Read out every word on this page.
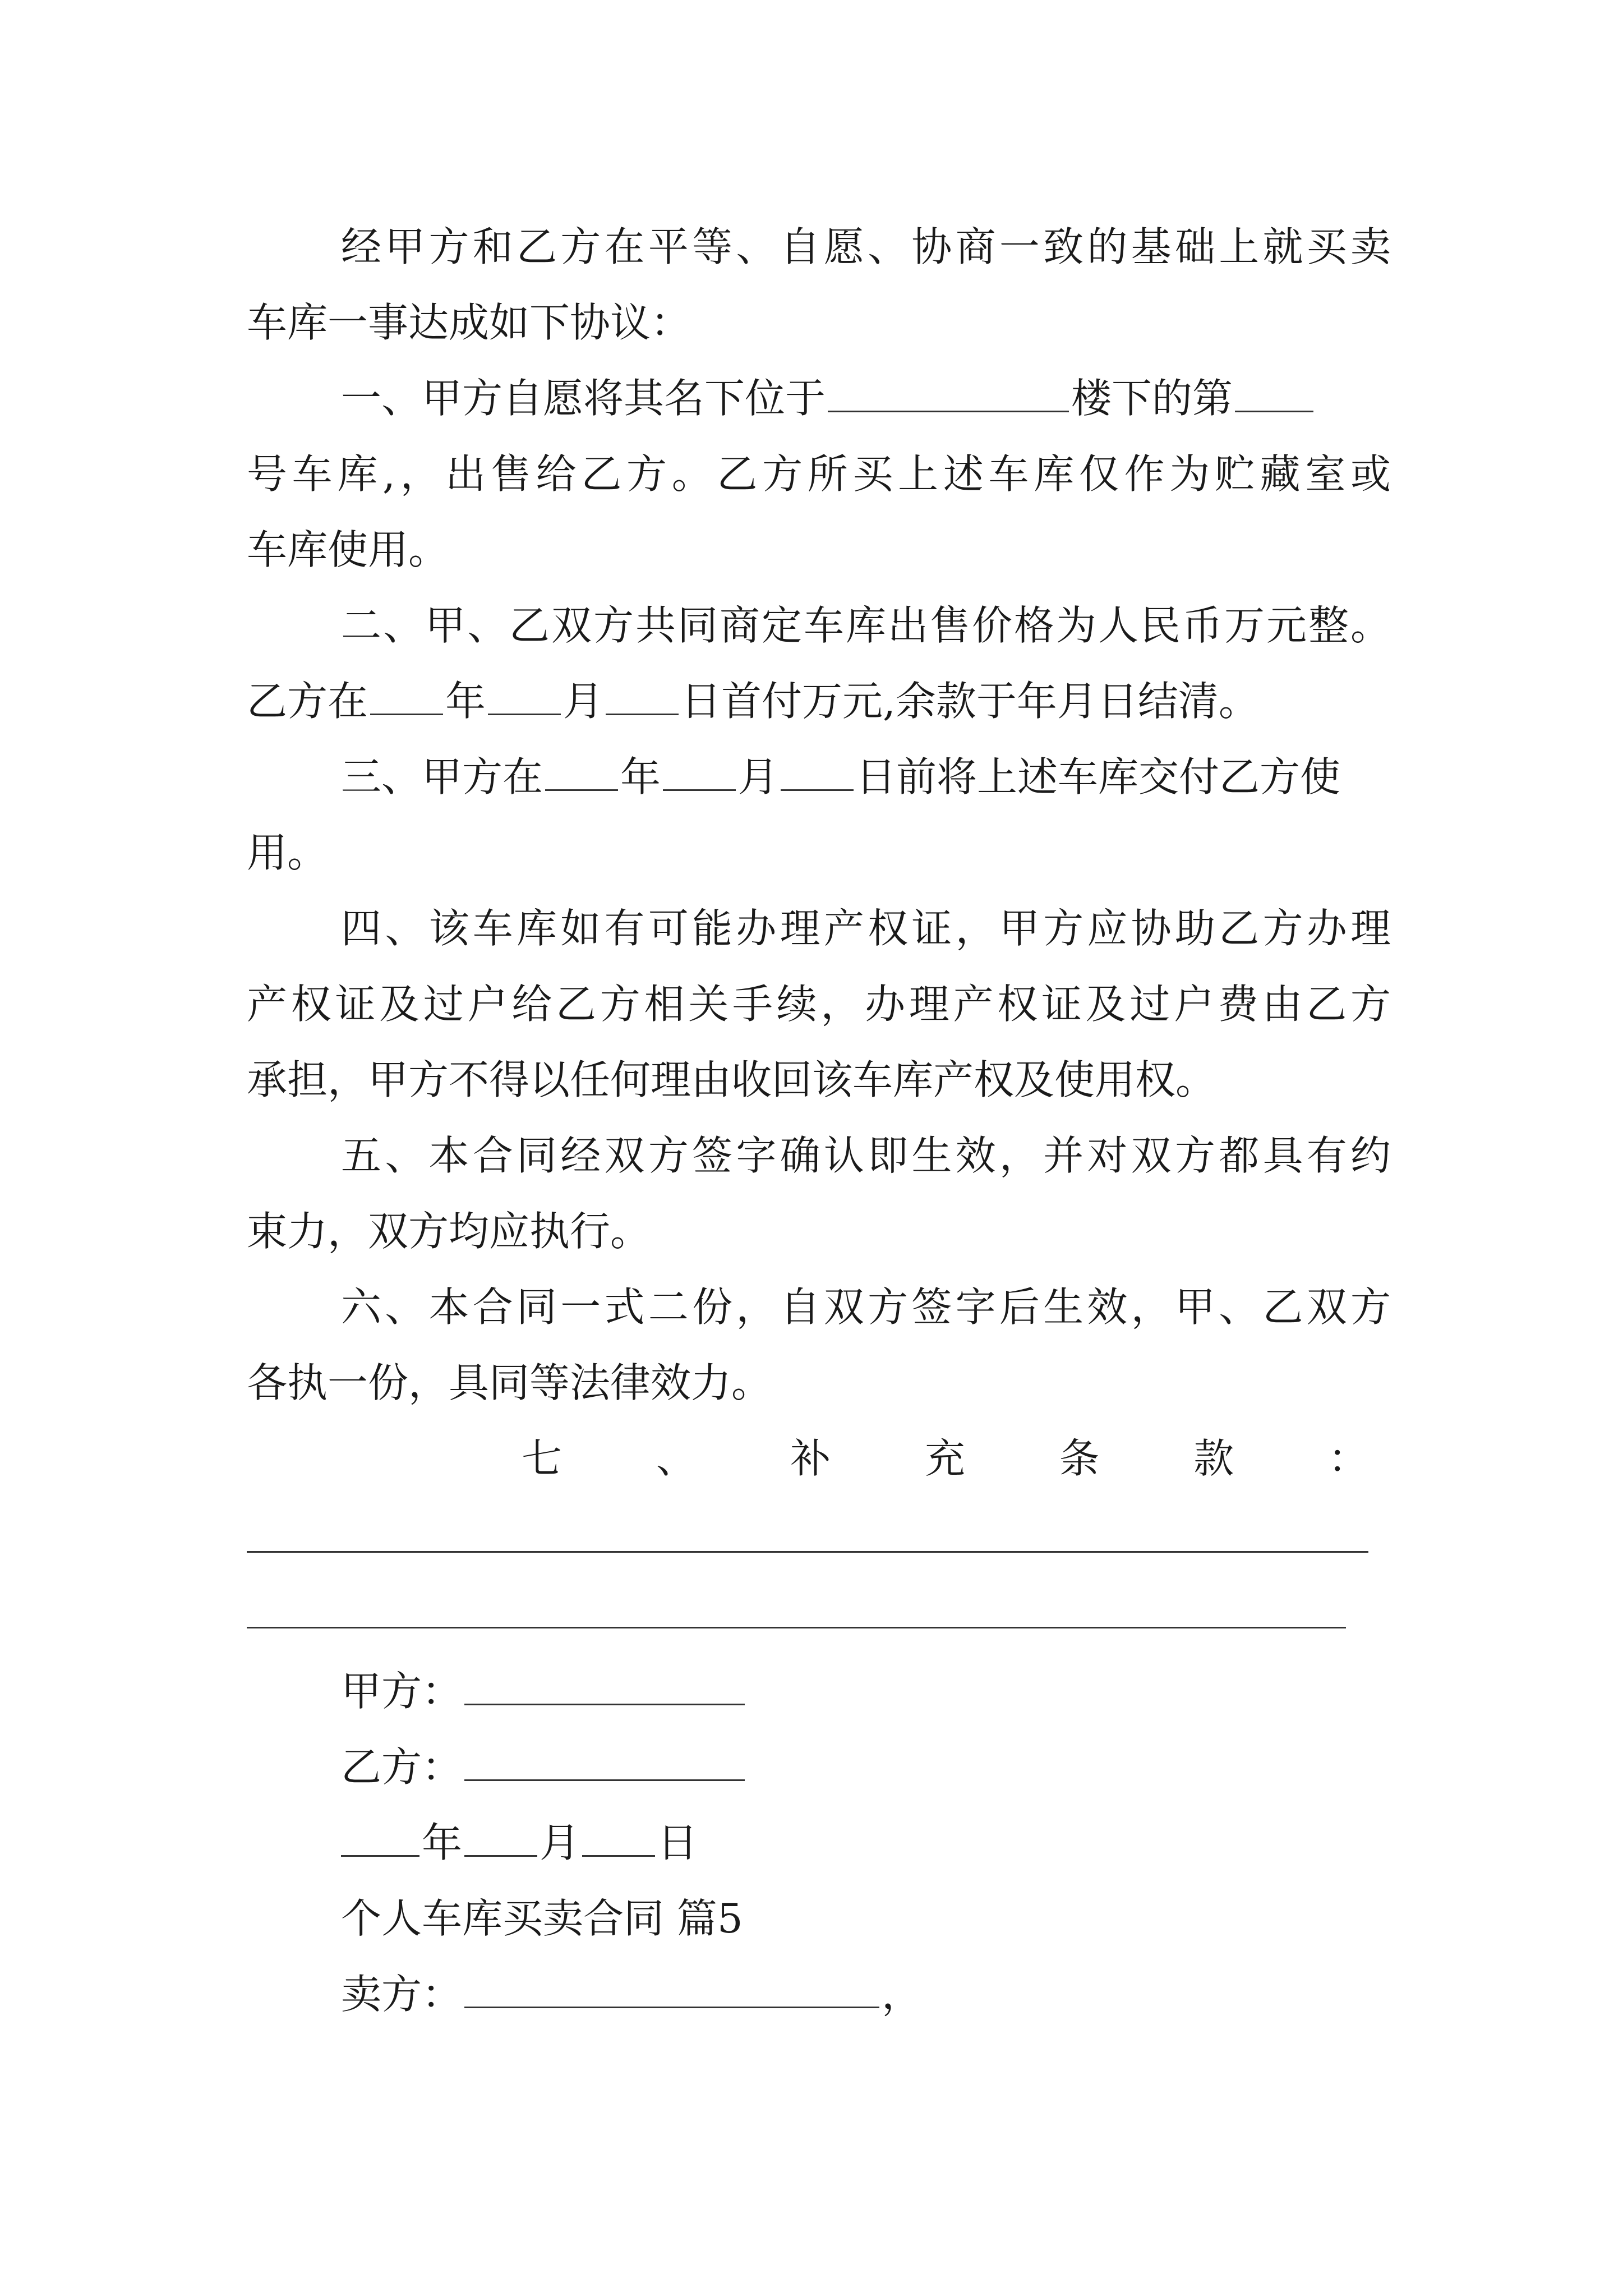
经甲方和乙方在平等、自愿、协商一致的基础上就买卖
车库一事达成如下协议：
一、甲方自愿将其名下位于	楼下的第
号车库,，出售给乙方。乙方所买上述车库仅作为贮藏室或
车库使用。
二、甲、乙双方共同商定车库出售价格为人民币万元整。
乙方在 年 月 日首付万元,余款于年月日结清。
三、甲方在 年 月 日前将上述车库交付乙方使
用。
四、该车库如有可能办理产权证，甲方应协助乙方办理
产权证及过户给乙方相关手续，办理产权证及过户费由乙方
承担，甲方不得以任何理由收回该车库产权及使用权。
五、本合同经双方签字确认即生效，并对双方都具有约
束力，双方均应执行。
六、本合同一式二份，自双方签字后生效，甲、乙双方
各执一份，具同等法律效力。
七 、 补 充 条 款 ：
甲方：
乙方：
年 月 日
个人车库买卖合同 篇5
卖方：	，
